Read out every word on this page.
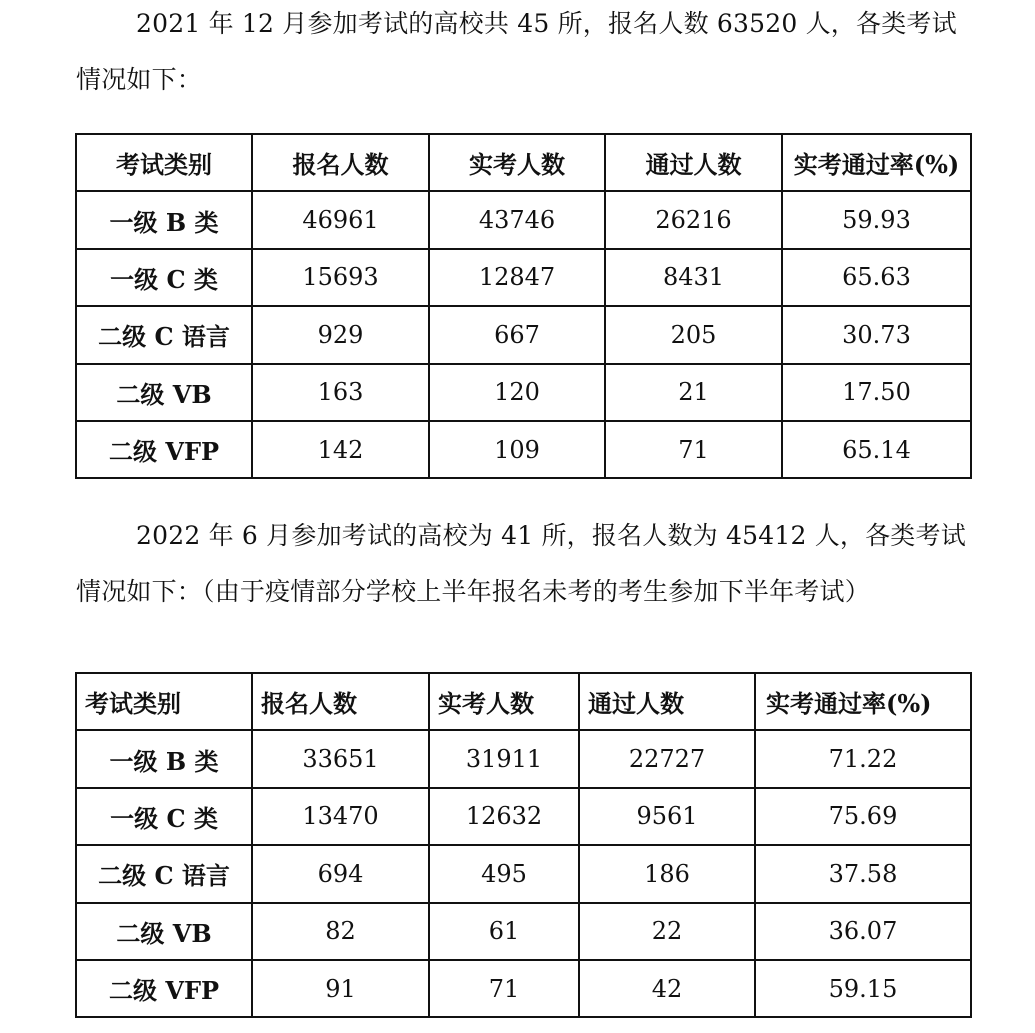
2021 年 12 月参加考试的高校共 45 所，报名人数 63520 人，各类考试情况如下：

考试类别	报名人数	实考人数	通过人数	实考通过率(%)
一级 B 类	46961	43746	26216	59.93
一级 C 类	15693	12847	8431	65.63
二级 C 语言	929	667	205	30.73
二级 VB	163	120	21	17.50
二级 VFP	142	109	71	65.14

2022 年 6 月参加考试的高校为 41 所，报名人数为 45412 人，各类考试情况如下：（由于疫情部分学校上半年报名未考的考生参加下半年考试）

考试类别	报名人数	实考人数	通过人数	实考通过率(%)
一级 B 类	33651	31911	22727	71.22
一级 C 类	13470	12632	9561	75.69
二级 C 语言	694	495	186	37.58
二级 VB	82	61	22	36.07
二级 VFP	91	71	42	59.15
